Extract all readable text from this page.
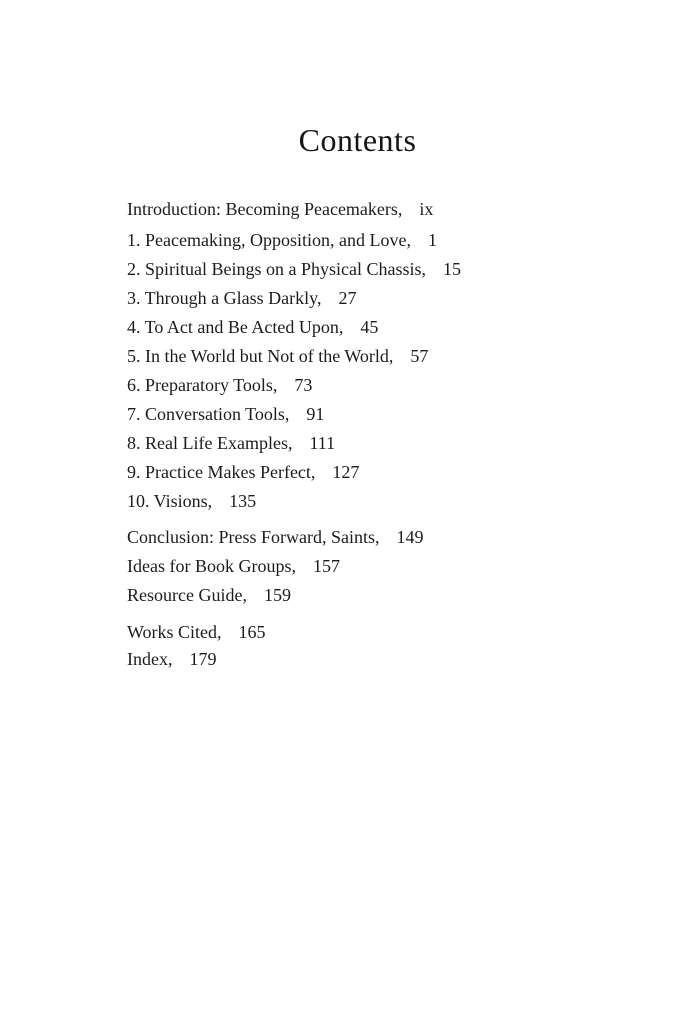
Contents
Introduction: Becoming Peacemakers, ix
1. Peacemaking, Opposition, and Love, 1
2. Spiritual Beings on a Physical Chassis, 15
3. Through a Glass Darkly, 27
4. To Act and Be Acted Upon, 45
5. In the World but Not of the World, 57
6. Preparatory Tools, 73
7. Conversation Tools, 91
8. Real Life Examples, 111
9. Practice Makes Perfect, 127
10. Visions, 135
Conclusion: Press Forward, Saints, 149
Ideas for Book Groups, 157
Resource Guide, 159
Works Cited, 165
Index, 179
